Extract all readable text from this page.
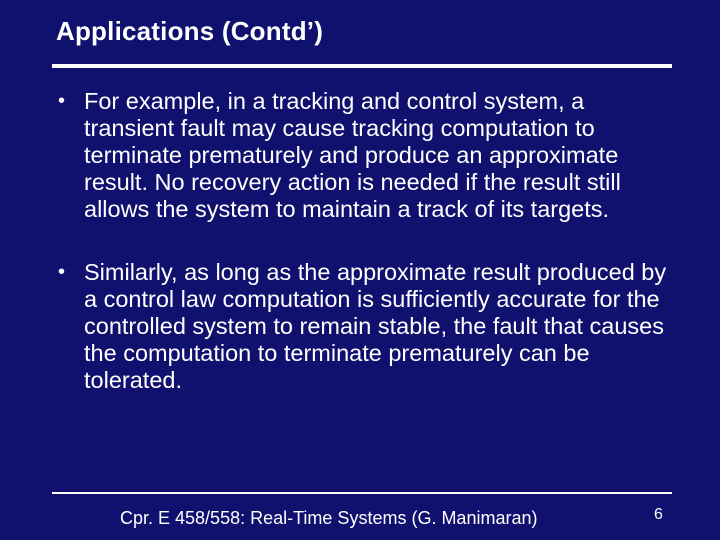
Applications (Contd’)
• For example, in a tracking and control system, a transient fault may cause tracking computation to terminate prematurely and produce an approximate result. No recovery action is needed if the result still allows the system to maintain a track of its targets.
• Similarly, as long as the approximate result produced by a control law computation is sufficiently accurate for the controlled system to remain stable, the fault that causes the computation to terminate prematurely can be tolerated.
Cpr. E 458/558: Real-Time Systems (G. Manimaran)	6
